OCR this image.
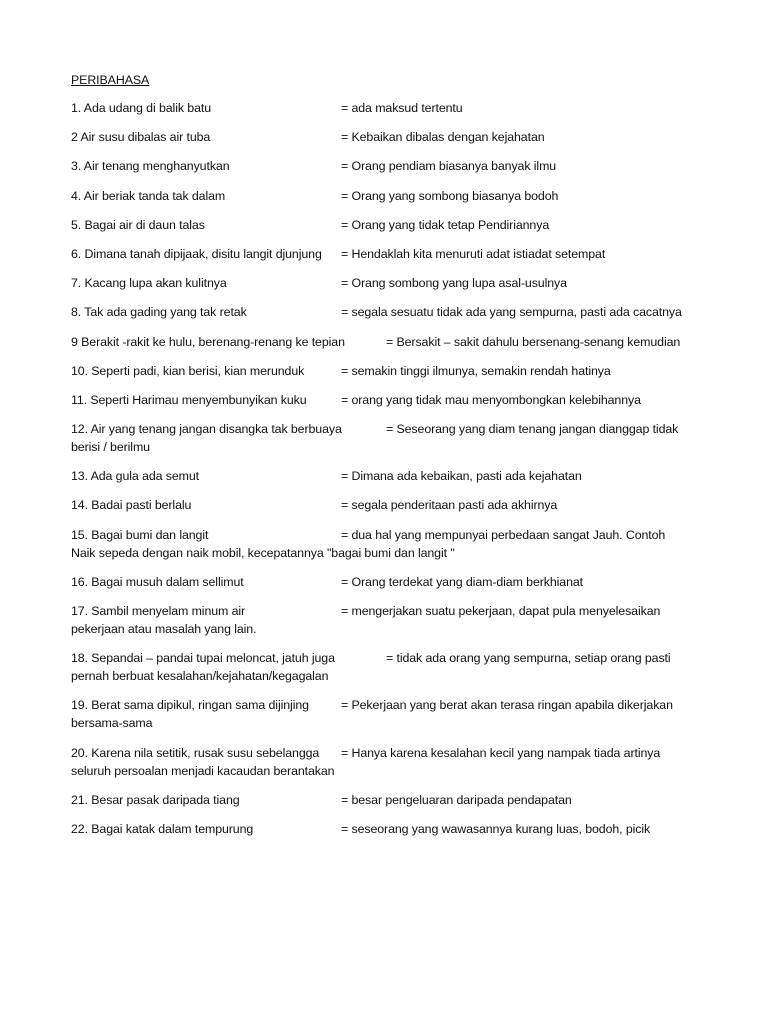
PERIBAHASA
1. Ada udang di balik batu	= ada maksud tertentu
2 Air susu dibalas air tuba	= Kebaikan dibalas dengan kejahatan
3. Air tenang menghanyutkan	= Orang pendiam biasanya banyak ilmu
4. Air beriak tanda tak dalam	= Orang yang sombong biasanya bodoh
5. Bagai air di daun talas	= Orang yang tidak tetap Pendiriannya
6. Dimana tanah dipijaak, disitu langit djunjung = Hendaklah kita menuruti adat istiadat setempat
7. Kacang lupa akan kulitnya	= Orang sombong yang lupa asal-usulnya
8. Tak ada gading yang tak retak	= segala sesuatu tidak ada yang sempurna, pasti ada cacatnya
9 Berakit -rakit ke hulu, berenang-renang ke tepian	= Bersakit – sakit dahulu bersenang-senang kemudian
10. Seperti padi, kian berisi, kian merunduk	= semakin tinggi ilmunya, semakin rendah hatinya
11. Seperti Harimau menyembunyikan kuku	= orang yang tidak mau menyombongkan kelebihannya
12. Air yang tenang jangan disangka tak berbuaya	= Seseorang yang diam tenang jangan dianggap tidak
berisi / berilmu
13. Ada gula ada semut	= Dimana ada kebaikan, pasti ada kejahatan
14. Badai pasti berlalu	= segala penderitaan pasti ada akhirnya
15. Bagai bumi dan langit	= dua hal yang mempunyai perbedaan sangat Jauh. Contoh
Naik sepeda dengan naik mobil, kecepatannya "bagai bumi dan langit "
16. Bagai musuh dalam sellimut	= Orang terdekat yang diam-diam berkhianat
17. Sambil menyelam minum air	= mengerjakan suatu pekerjaan, dapat pula menyelesaikan
pekerjaan atau masalah yang lain.
18. Sepandai – pandai tupai meloncat, jatuh juga	= tidak ada orang yang sempurna, setiap orang pasti
pernah berbuat kesalahan/kejahatan/kegagalan
19. Berat sama dipikul, ringan sama dijinjing	= Pekerjaan yang berat akan terasa ringan apabila dikerjakan
bersama-sama
20. Karena nila setitik, rusak susu sebelangga = Hanya karena kesalahan kecil yang nampak tiada artinya
seluruh persoalan menjadi kacaudan berantakan
21. Besar pasak daripada tiang	= besar pengeluaran daripada pendapatan
22. Bagai katak dalam tempurung	= seseorang yang wawasannya kurang luas, bodoh, picik
